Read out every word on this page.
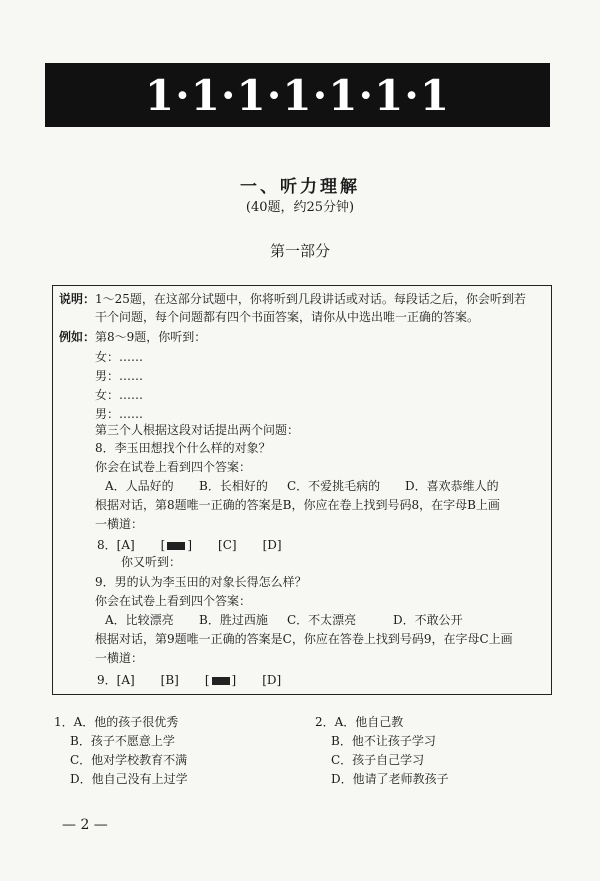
1·1·1·1·1·1·1
一、听力理解
(40题，约25分钟)
第一部分
说明：1～25题，在这部分试题中，你将听到几段讲话或对话。每段话之后，你会听到若
干个问题，每个问题都有四个书面答案，请你从中选出唯一正确的答案。
例如：第8～9题，你听到：
女：……
男：……
女：……
男：……
第三个人根据这段对话提出两个问题：
8．李玉田想找个什么样的对象？
你会在试卷上看到四个答案：
A．人品好的 B．长相好的 C．不爱挑毛病的 D．喜欢恭维人的
根据对话，第8题唯一正确的答案是B，你应在卷上找到号码8，在字母B上画
一横道：
8．[A] [ ] [C] [D]
你又听到：
9．男的认为李玉田的对象长得怎么样？
你会在试卷上看到四个答案：
A．比较漂亮 B．胜过西施 C．不太漂亮	D．不敢公开
根据对话，第9题唯一正确的答案是C，你应在答卷上找到号码9，在字母C上画
一横道：
9．[A] [B] [ ] [D]
1．A．他的孩子很优秀
B．孩子不愿意上学
C．他对学校教育不满
D．他自己没有上过学
2．A．他自己教
B．他不让孩子学习
C．孩子自己学习
D．他请了老师教孩子
— 2 —
